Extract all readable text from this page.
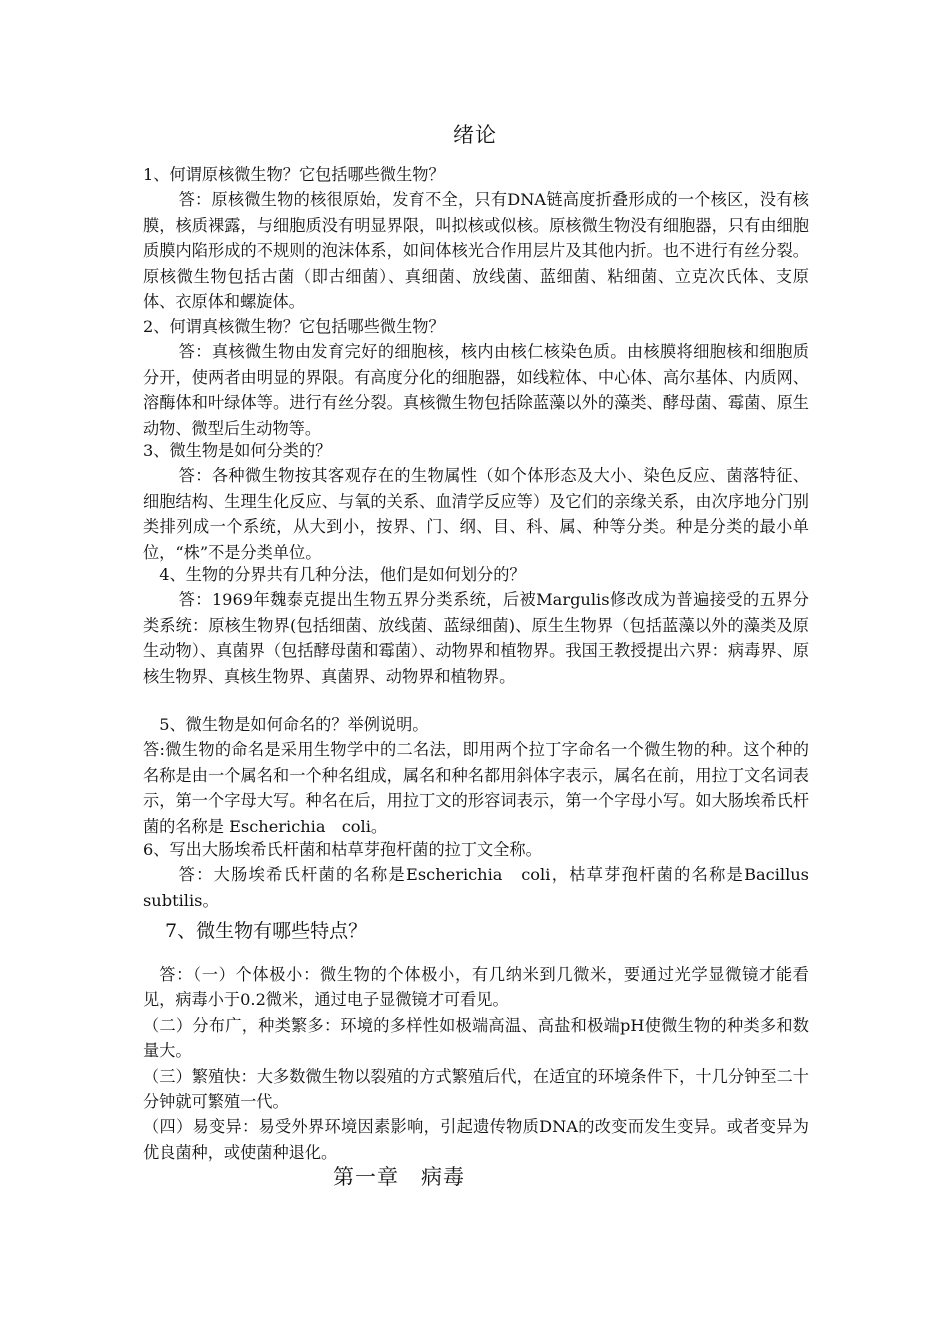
绪论

1、何谓原核微生物？它包括哪些微生物？

答：原核微生物的核很原始，发育不全，只有DNA链高度折叠形成的一个核区，没有核膜，核质裸露，与细胞质没有明显界限，叫拟核或似核。原核微生物没有细胞器，只有由细胞质膜内陷形成的不规则的泡沫体系，如间体核光合作用层片及其他内折。也不进行有丝分裂。原核微生物包括古菌（即古细菌）、真细菌、放线菌、蓝细菌、粘细菌、立克次氏体、支原体、衣原体和螺旋体。

2、何谓真核微生物？它包括哪些微生物？

答：真核微生物由发育完好的细胞核，核内由核仁核染色质。由核膜将细胞核和细胞质分开，使两者由明显的界限。有高度分化的细胞器，如线粒体、中心体、高尔基体、内质网、溶酶体和叶绿体等。进行有丝分裂。真核微生物包括除蓝藻以外的藻类、酵母菌、霉菌、原生动物、微型后生动物等。

3、微生物是如何分类的？

答：各种微生物按其客观存在的生物属性（如个体形态及大小、染色反应、菌落特征、细胞结构、生理生化反应、与氧的关系、血清学反应等）及它们的亲缘关系，由次序地分门别类排列成一个系统，从大到小，按界、门、纲、目、科、属、种等分类。种是分类的最小单位，“株”不是分类单位。

4、生物的分界共有几种分法，他们是如何划分的？

答：1969年魏泰克提出生物五界分类系统，后被Margulis修改成为普遍接受的五界分类系统：原核生物界(包括细菌、放线菌、蓝绿细菌)、原生生物界（包括蓝藻以外的藻类及原生动物）、真菌界（包括酵母菌和霉菌）、动物界和植物界。我国王教授提出六界：病毒界、原核生物界、真核生物界、真菌界、动物界和植物界。

5、微生物是如何命名的？举例说明。

答:微生物的命名是采用生物学中的二名法，即用两个拉丁字命名一个微生物的种。这个种的名称是由一个属名和一个种名组成，属名和种名都用斜体字表示，属名在前，用拉丁文名词表示，第一个字母大写。种名在后，用拉丁文的形容词表示，第一个字母小写。如大肠埃希氏杆菌的名称是 Escherichia　coli。

6、写出大肠埃希氏杆菌和枯草芽孢杆菌的拉丁文全称。

答：大肠埃希氏杆菌的名称是Escherichia　coli，枯草芽孢杆菌的名称是Bacillus　subtilis。

7、微生物有哪些特点？

答：（一）个体极小：微生物的个体极小，有几纳米到几微米，要通过光学显微镜才能看见，病毒小于0.2微米，通过电子显微镜才可看见。

（二）分布广，种类繁多：环境的多样性如极端高温、高盐和极端pH使微生物的种类多和数量大。

（三）繁殖快：大多数微生物以裂殖的方式繁殖后代，在适宜的环境条件下，十几分钟至二十分钟就可繁殖一代。

（四）易变异：易受外界环境因素影响，引起遗传物质DNA的改变而发生变异。或者变异为优良菌种，或使菌种退化。

第一章　病毒
